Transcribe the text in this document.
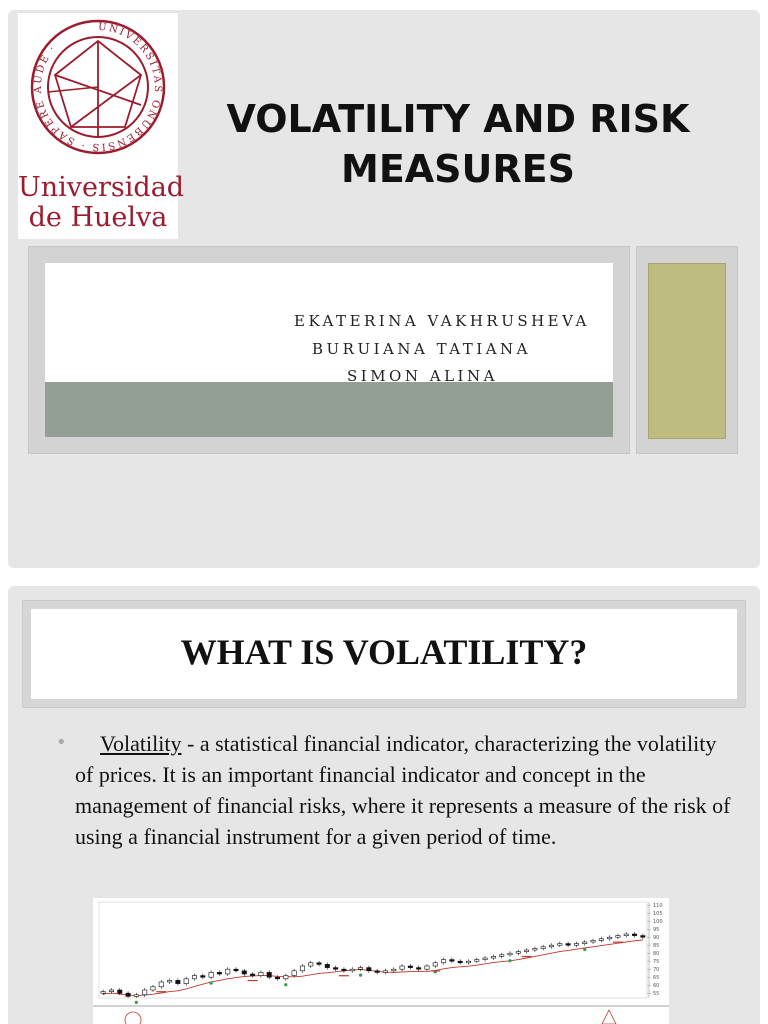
UNIVERSITAS ONUBENSIS · SAPERE AUDE ·
Universidad
de Huelva
VOLATILITY AND RISK
MEASURES
EKATERINA VAKHRUSHEVA
BURUIANA TATIANA
SIMON ALINA
WHAT IS VOLATILITY?
•	Volatility - a statistical financial indicator, characterizing the volatility of prices. It is an important financial indicator and concept in the management of financial risks, where it represents a measure of the risk of using a financial instrument for a given period of time.
110
105
100
95
90
85
80
75
70
65
60
55
